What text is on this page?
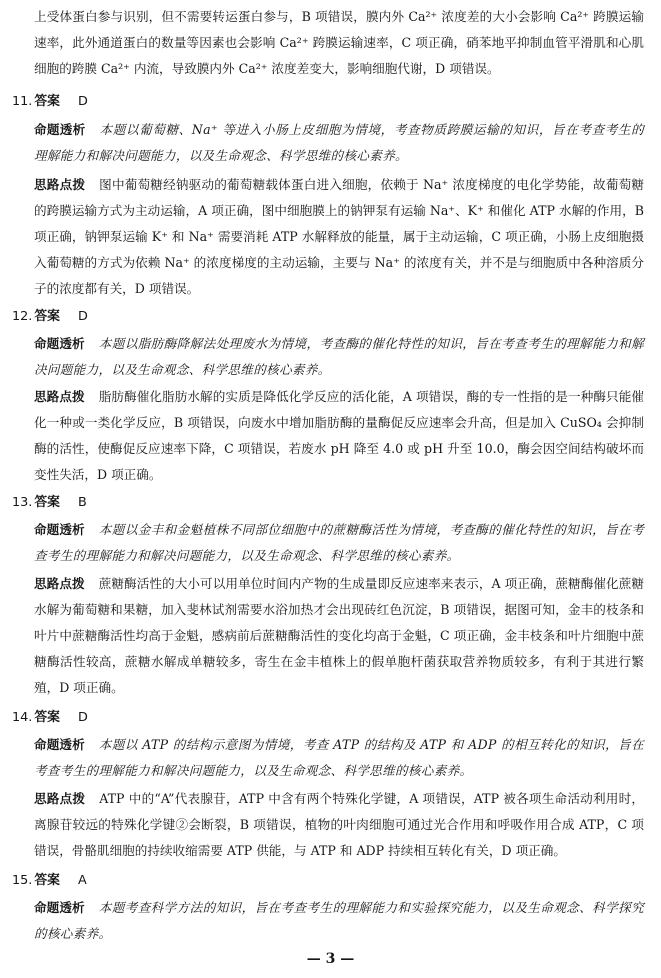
上受体蛋白参与识别，但不需要转运蛋白参与，B 项错误，膜内外 Ca²⁺ 浓度差的大小会影响 Ca²⁺ 跨膜运输速率，此外通道蛋白的数量等因素也会影响 Ca²⁺ 跨膜运输速率，C 项正确，硝苯地平抑制血管平滑肌和心肌细胞的跨膜 Ca²⁺ 内流，导致膜内外 Ca²⁺ 浓度差变大，影响细胞代谢，D 项错误。

11. 答案 D

命题透析 本题以葡萄糖、Na⁺ 等进入小肠上皮细胞为情境，考查物质跨膜运输的知识，旨在考查考生的理解能力和解决问题能力，以及生命观念、科学思维的核心素养。

思路点拨 图中葡萄糖经钠驱动的葡萄糖载体蛋白进入细胞，依赖于 Na⁺ 浓度梯度的电化学势能，故葡萄糖的跨膜运输方式为主动运输，A 项正确，图中细胞膜上的钠钾泵有运输 Na⁺、K⁺ 和催化 ATP 水解的作用，B 项正确，钠钾泵运输 K⁺ 和 Na⁺ 需要消耗 ATP 水解释放的能量，属于主动运输，C 项正确，小肠上皮细胞摄入葡萄糖的方式为依赖 Na⁺ 的浓度梯度的主动运输，主要与 Na⁺ 的浓度有关，并不是与细胞质中各种溶质分子的浓度都有关，D 项错误。

12. 答案 D

命题透析 本题以脂肪酶降解法处理废水为情境，考查酶的催化特性的知识，旨在考查考生的理解能力和解决问题能力，以及生命观念、科学思维的核心素养。

思路点拨 脂肪酶催化脂肪水解的实质是降低化学反应的活化能，A 项错误，酶的专一性指的是一种酶只能催化一种或一类化学反应，B 项错误，向废水中增加脂肪酶的量酶促反应速率会升高，但是加入 CuSO₄ 会抑制酶的活性，使酶促反应速率下降，C 项错误，若废水 pH 降至 4.0 或 pH 升至 10.0，酶会因空间结构破坏而变性失活，D 项正确。

13. 答案 B

命题透析 本题以金丰和金魁植株不同部位细胞中的蔗糖酶活性为情境，考查酶的催化特性的知识，旨在考查考生的理解能力和解决问题能力，以及生命观念、科学思维的核心素养。

思路点拨 蔗糖酶活性的大小可以用单位时间内产物的生成量即反应速率来表示，A 项正确，蔗糖酶催化蔗糖水解为葡萄糖和果糖，加入斐林试剂需要水浴加热才会出现砖红色沉淀，B 项错误，据图可知，金丰的枝条和叶片中蔗糖酶活性均高于金魁，感病前后蔗糖酶活性的变化均高于金魁，C 项正确，金丰枝条和叶片细胞中蔗糖酶活性较高，蔗糖水解成单糖较多，寄生在金丰植株上的假单胞杆菌获取营养物质较多，有利于其进行繁殖，D 项正确。

14. 答案 D

命题透析 本题以 ATP 的结构示意图为情境，考查 ATP 的结构及 ATP 和 ADP 的相互转化的知识，旨在考查考生的理解能力和解决问题能力，以及生命观念、科学思维的核心素养。

思路点拨 ATP 中的“A”代表腺苷，ATP 中含有两个特殊化学键，A 项错误，ATP 被各项生命活动利用时，离腺苷较远的特殊化学键②会断裂，B 项错误，植物的叶肉细胞可通过光合作用和呼吸作用合成 ATP，C 项错误，骨骼肌细胞的持续收缩需要 ATP 供能，与 ATP 和 ADP 持续相互转化有关，D 项正确。

15. 答案 A

命题透析 本题考查科学方法的知识，旨在考查考生的理解能力和实验探究能力，以及生命观念、科学探究的核心素养。

— 3 —
